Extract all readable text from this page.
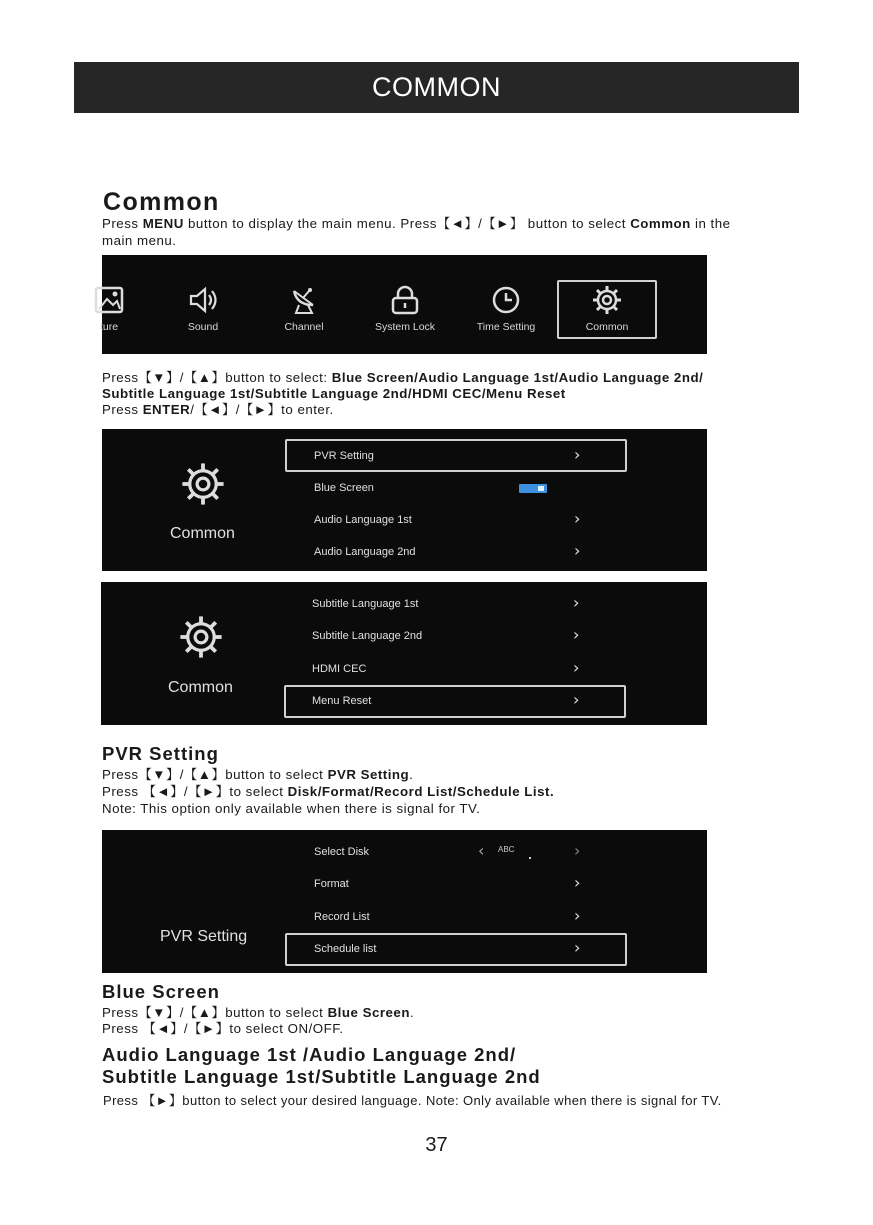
COMMON
Common
Press MENU button to display the main menu. Press【◄】/【►】 button to select Common in the
main menu.
ture	Sound	Channel	System Lock	Time Setting	Common
Press【▼】/【▲】button to select: Blue Screen/Audio Language 1st/Audio Language 2nd/
Subtitle Language 1st/Subtitle Language 2nd/HDMI CEC/Menu Reset
Press ENTER/【◄】/【►】to enter.
Common
PVR Setting	›
Blue Screen
Audio Language 1st	›
Audio Language 2nd	›
Common
Subtitle Language 1st	›
Subtitle Language 2nd	›
HDMI CEC	›
Menu Reset	›
PVR Setting
Press【▼】/【▲】button to select PVR Setting.
Press 【◄】/【►】to select Disk/Format/Record List/Schedule List.
Note: This option only available when there is signal for TV.
PVR Setting
Select Disk	‹ ABC	›
Format	›
Record List	›
Schedule list	›
Blue Screen
Press【▼】/【▲】button to select Blue Screen.
Press 【◄】/【►】to select ON/OFF.
Audio Language 1st /Audio Language 2nd/
Subtitle Language 1st/Subtitle Language 2nd
Press 【►】button to select your desired language. Note: Only available when there is signal for TV.
37
